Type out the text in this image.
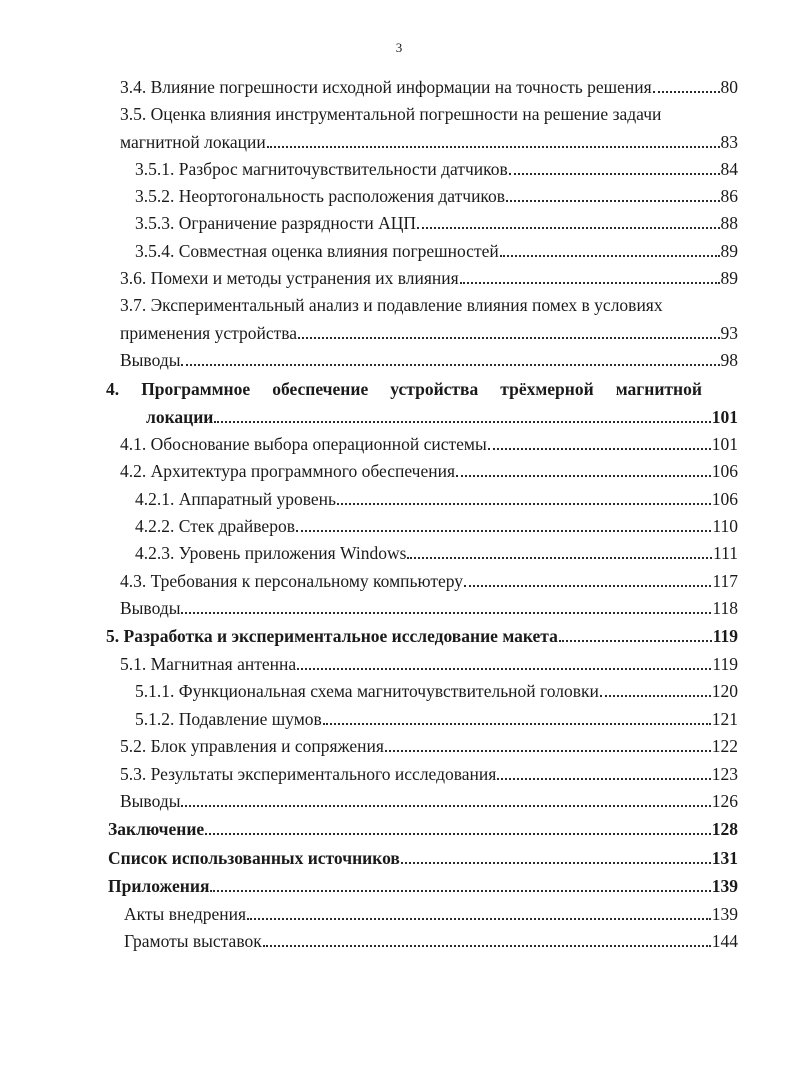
3
3.4. Влияние погрешности исходной информации на точность решения	80
3.5. Оценка влияния инструментальной погрешности на решение задачи
магнитной локации	83
3.5.1. Разброс магниточувствительности датчиков	84
3.5.2. Неортогональность расположения датчиков	86
3.5.3. Ограничение разрядности АЦП	88
3.5.4. Совместная оценка влияния погрешностей	89
3.6. Помехи и методы устранения их влияния	89
3.7. Экспериментальный анализ и подавление влияния помех в условиях
применения устройства	93
Выводы	98
4. Программное обеспечение устройства трёхмерной магнитной
локации	101
4.1. Обоснование выбора операционной системы	101
4.2. Архитектура программного обеспечения	106
4.2.1. Аппаратный уровень	106
4.2.2. Стек драйверов	110
4.2.3. Уровень приложения Windows	111
4.3. Требования к персональному компьютеру	117
Выводы	118
5. Разработка и экспериментальное исследование макета	119
5.1. Магнитная антенна	119
5.1.1. Функциональная схема магниточувствительной головки	120
5.1.2. Подавление шумов	121
5.2. Блок управления и сопряжения	122
5.3. Результаты экспериментального исследования	123
Выводы	126
Заключение	128
Список использованных источников	131
Приложения	139
Акты внедрения	139
Грамоты выставок	144
